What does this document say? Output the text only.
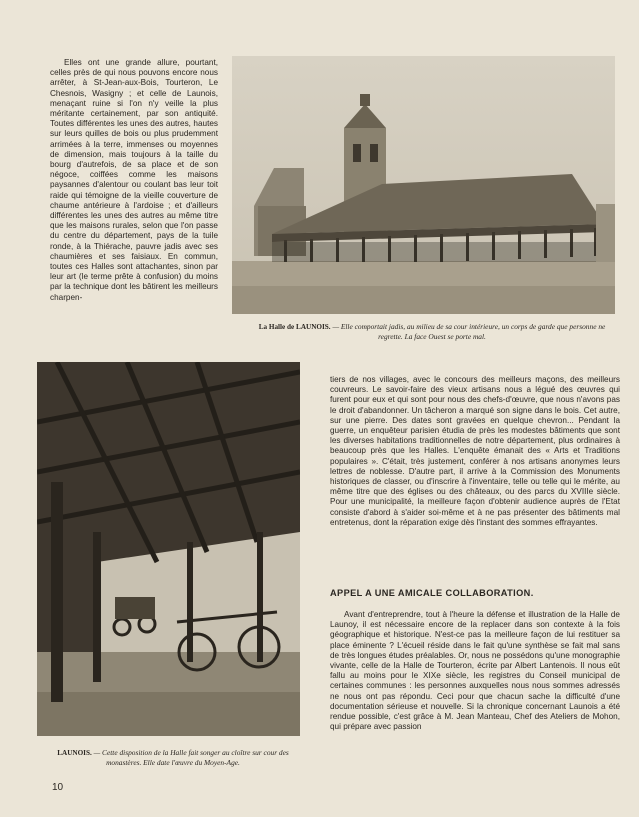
Elles ont une grande allure, pourtant, celles près de qui nous pouvons encore nous arrêter, à St-Jean-aux-Bois, Tourteron, Le Chesnois, Wasigny ; et celle de Launois, menaçant ruine si l'on n'y veille la plus méritante certainement, par son antiquité. Toutes différentes les unes des autres, hautes sur leurs quilles de bois ou plus prudemment arrimées à la terre, immenses ou moyennes de dimension, mais toujours à la taille du bourg d'autrefois, de sa place et de son négoce, coiffées comme les maisons paysannes d'alentour ou coulant bas leur toit raide qui témoigne de la vieille couverture de chaume antérieure à l'ardoise ; et d'ailleurs différentes les unes des autres au même titre que les maisons rurales, selon que l'on passe du centre du département, pays de la tuile ronde, à la Thiérache, pauvre jadis avec ses chaumières et ses faisiaux. En commun, toutes ces Halles sont attachantes, sinon par leur art (le terme prête à confusion) du moins par la technique dont les bâtirent les meilleurs charpen-

La Halle de LAUNOIS. — Elle comportait jadis, au milieu de sa cour intérieure, un corps de garde que personne ne regrette. La face Ouest se porte mal.
LAUNOIS. — Cette disposition de la Halle fait songer au cloître sur cour des monastères. Elle date l'œuvre du Moyen-Age.

tiers de nos villages, avec le concours des meilleurs maçons, des meilleurs couvreurs. Le savoir-faire des vieux artisans nous a légué des œuvres qui furent pour eux et qui sont pour nous des chefs-d'œuvre, que nous n'avons pas le droit d'abandonner. Un tâcheron a marqué son signe dans le bois. Cet autre, sur une pierre. Des dates sont gravées en quelque chevron... Pendant la guerre, un enquêteur parisien étudia de près les modestes bâtiments que sont les diverses habitations traditionnelles de notre département, plus ordinaires à beaucoup près que les Halles. L'enquête émanait des « Arts et Traditions populaires ». C'était, très justement, conférer à nos artisans anonymes leurs lettres de noblesse. D'autre part, il arrive à la Commission des Monuments historiques de classer, ou d'inscrire à l'inventaire, telle ou telle qui le mérite, au même titre que des églises ou des châteaux, ou des parcs du XVIIIe siècle. Pour une municipalité, la meilleure façon d'obtenir audience auprès de l'Etat consiste d'abord à s'aider soi-même et à ne pas présenter des bâtiments mal entretenus, dont la réparation exige dès l'instant des sommes effrayantes.

APPEL A UNE AMICALE COLLABORATION.

Avant d'entreprendre, tout à l'heure la défense et illustration de la Halle de Launoy, il est nécessaire encore de la replacer dans son contexte à la fois géographique et historique. N'est-ce pas la meilleure façon de lui restituer sa place éminente ? L'écueil réside dans le fait qu'une synthèse se fait mal sans de très longues études préalables. Or, nous ne possédons qu'une monographie vivante, celle de la Halle de Tourteron, écrite par Albert Lantenois. Il nous eût fallu au moins pour le XIXe siècle, les registres du Conseil municipal de certaines communes : les personnes auxquelles nous nous sommes adressés ne nous ont pas répondu. Ceci pour que chacun sache la difficulté d'une documentation sérieuse et nouvelle. Si la chronique concernant Launois a été rendue possible, c'est grâce à M. Jean Manteau, Chef des Ateliers de Mohon, qui prépare avec passion

10
